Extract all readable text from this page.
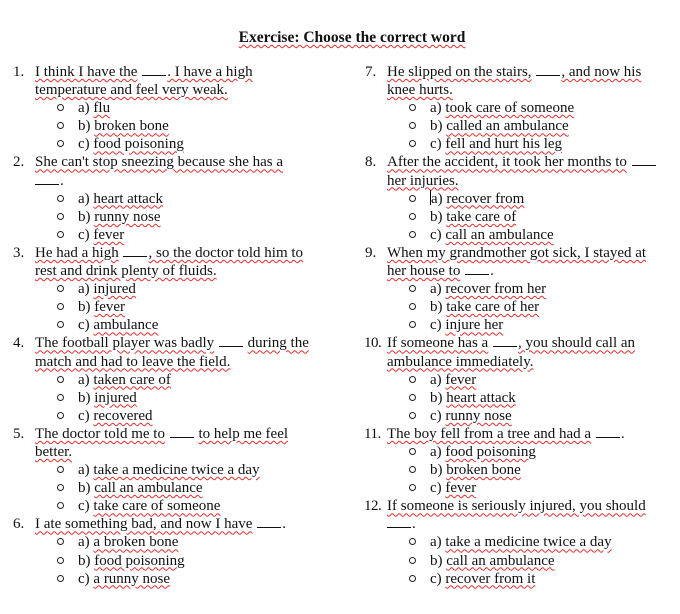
Exercise: Choose the correct word
1. I think I have the . I have a high
temperature and feel very weak.
a) flu
b) broken bone
c) food poisoning
2. She can't stop sneezing because she has a
.
a) heart attack
b) runny nose
c) fever
3. He had a high , so the doctor told him to
rest and drink plenty of fluids.
a) injured
b) fever
c) ambulance
4. The football player was badly during the
match and had to leave the field.
a) taken care of
b) injured
c) recovered
5. The doctor told me to to help me feel
better.
a) take a medicine twice a day
b) call an ambulance
c) take care of someone
6. I ate something bad, and now I have .
a) a broken bone
b) food poisoning
c) a runny nose
7. He slipped on the stairs, , and now his
knee hurts.
a) took care of someone
b) called an ambulance
c) fell and hurt his leg
8. After the accident, it took her months to
her injuries.
a) recover from
b) take care of
c) call an ambulance
9. When my grandmother got sick, I stayed at
her house to .
a) recover from her
b) take care of her
c) injure her
10. If someone has a , you should call an
ambulance immediately.
a) fever
b) heart attack
c) runny nose
11. The boy fell from a tree and had a .
a) food poisoning
b) broken bone
c) fever
12. If someone is seriously injured, you should
.
a) take a medicine twice a day
b) call an ambulance
c) recover from it
